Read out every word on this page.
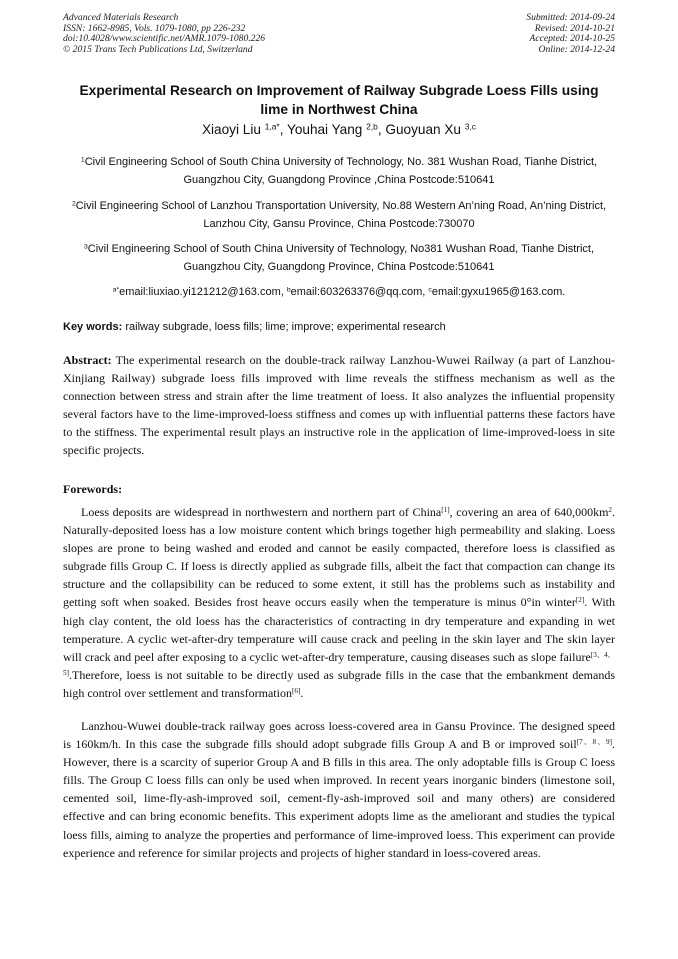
Advanced Materials Research
ISSN: 1662-8985, Vols. 1079-1080, pp 226-232
doi:10.4028/www.scientific.net/AMR.1079-1080.226
© 2015 Trans Tech Publications Ltd, Switzerland
Submitted: 2014-09-24
Revised: 2014-10-21
Accepted: 2014-10-25
Online: 2014-12-24
Experimental Research on Improvement of Railway Subgrade Loess Fills using lime in Northwest China
Xiaoyi Liu $^{1,a*}$, Youhai Yang $^{2,b}$, Guoyuan Xu $^{3,c}$
$^1$Civil Engineering School of South China University of Technology, No. 381 Wushan Road, Tianhe District, Guangzhou City, Guangdong Province ,China Postcode:510641
$^2$Civil Engineering School of Lanzhou Transportation University, No.88 Western An’ning Road, An’ning District, Lanzhou City, Gansu Province, China Postcode:730070
$^3$Civil Engineering School of South China University of Technology, No381 Wushan Road, Tianhe District, Guangzhou City, Guangdong Province, China Postcode:510641
$^{a*}$email:liuxiao.yi121212@163.com, $^b$email:603263376@qq.com, $^c$email:gyxu1965@163.com.
Key words: railway subgrade, loess fills; lime; improve; experimental research
Abstract: The experimental research on the double-track railway Lanzhou-Wuwei Railway (a part of Lanzhou-Xinjiang Railway) subgrade loess fills improved with lime reveals the stiffness mechanism as well as the connection between stress and strain after the lime treatment of loess. It also analyzes the influential propensity several factors have to the lime-improved-loess stiffness and comes up with influential patterns these factors have to the stiffness. The experimental result plays an instructive role in the application of lime-improved-loess in site specific projects.
Forewords:
Loess deposits are widespread in northwestern and northern part of China[1], covering an area of $640,000km^2$. Naturally-deposited loess has a low moisture content which brings together high permeability and slaking. Loess slopes are prone to being washed and eroded and cannot be easily compacted, therefore loess is classified as subgrade fills Group C. If loess is directly applied as subgrade fills, albeit the fact that compaction can change its structure and the collapsibility can be reduced to some extent, it still has the problems such as instability and getting soft when soaked. Besides frost heave occurs easily when the temperature is minus 0°in winter[2]. With high clay content, the old loess has the characteristics of contracting in dry temperature and expanding in wet temperature. A cyclic wet-after-dry temperature will cause crack and peeling in the skin layer and The skin layer will crack and peel after exposing to a cyclic wet-after-dry temperature, causing diseases such as slope failure[3、4、5].Therefore, loess is not suitable to be directly used as subgrade fills in the case that the embankment demands high control over settlement and transformation[6].
Lanzhou-Wuwei double-track railway goes across loess-covered area in Gansu Province. The designed speed is 160km/h. In this case the subgrade fills should adopt subgrade fills Group A and B or improved soil[7、8、9]. However, there is a scarcity of superior Group A and B fills in this area. The only adoptable fills is Group C loess fills. The Group C loess fills can only be used when improved. In recent years inorganic binders (limestone soil, cemented soil, lime-fly-ash-improved soil, cement-fly-ash-improved soil and many others) are considered effective and can bring economic benefits. This experiment adopts lime as the ameliorant and studies the typical loess fills, aiming to analyze the properties and performance of lime-improved loess. This experiment can provide experience and reference for similar projects and projects of higher standard in loess-covered areas.
